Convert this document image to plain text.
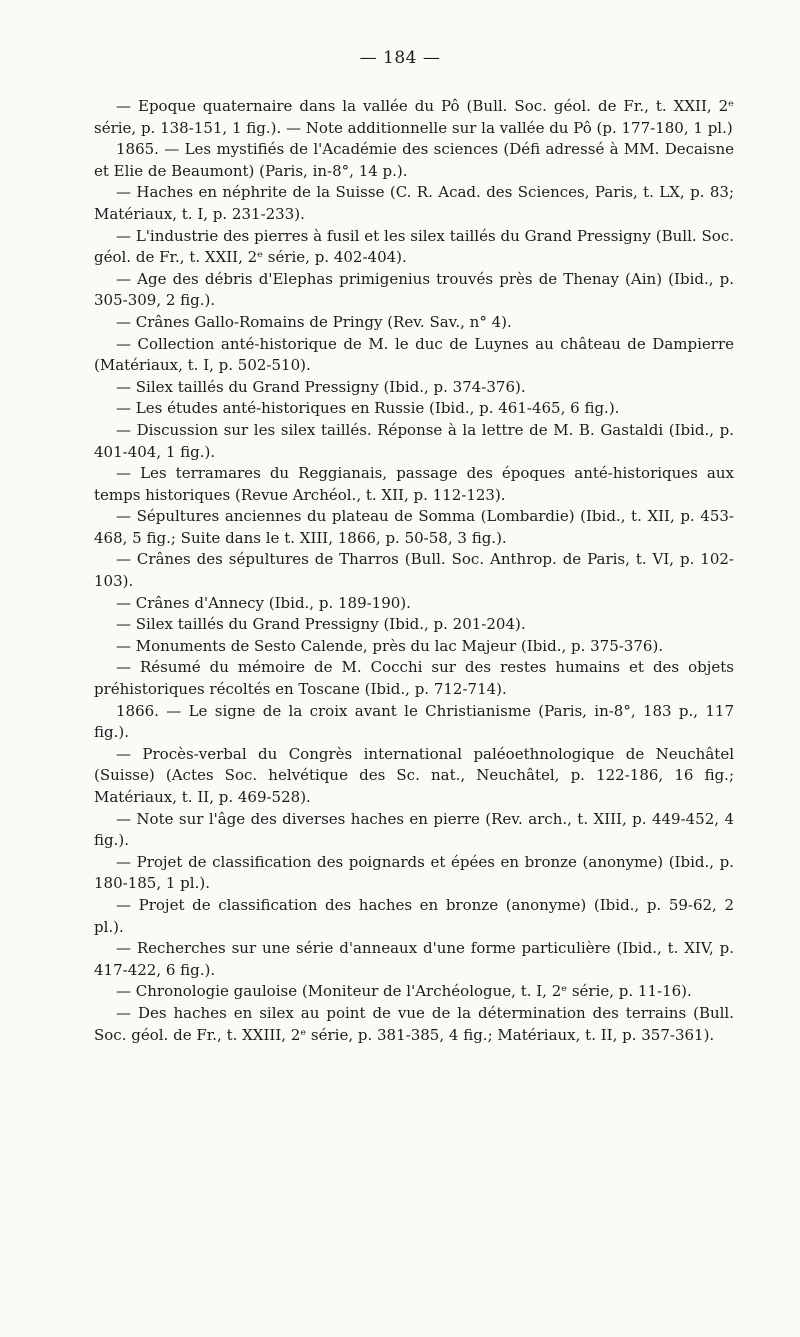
— 184 —

— Epoque quaternaire dans la vallée du Pô (Bull. Soc. géol. de Fr., t. XXII, 2ᵉ série, p. 138-151, 1 fig.). — Note additionnelle sur la vallée du Pô (p. 177-180, 1 pl.)

1865. — Les mystifiés de l'Académie des sciences (Défi adressé à MM. Decaisne et Elie de Beaumont) (Paris, in-8°, 14 p.).

— Haches en néphrite de la Suisse (C. R. Acad. des Sciences, Paris, t. LX, p. 83; Matériaux, t. I, p. 231-233).

— L'industrie des pierres à fusil et les silex taillés du Grand Pressigny (Bull. Soc. géol. de Fr., t. XXII, 2ᵉ série, p. 402-404).

— Age des débris d'Elephas primigenius trouvés près de Thenay (Ain) (Ibid., p. 305-309, 2 fig.).

— Crânes Gallo-Romains de Pringy (Rev. Sav., n° 4).

— Collection anté-historique de M. le duc de Luynes au château de Dampierre (Matériaux, t. I, p. 502-510).

— Silex taillés du Grand Pressigny (Ibid., p. 374-376).

— Les études anté-historiques en Russie (Ibid., p. 461-465, 6 fig.).

— Discussion sur les silex taillés. Réponse à la lettre de M. B. Gastaldi (Ibid., p. 401-404, 1 fig.).

— Les terramares du Reggianais, passage des époques anté-historiques aux temps historiques (Revue Archéol., t. XII, p. 112-123).

— Sépultures anciennes du plateau de Somma (Lombardie) (Ibid., t. XII, p. 453-468, 5 fig.; Suite dans le t. XIII, 1866, p. 50-58, 3 fig.).

— Crânes des sépultures de Tharros (Bull. Soc. Anthrop. de Paris, t. VI, p. 102-103).

— Crânes d'Annecy (Ibid., p. 189-190).

— Silex taillés du Grand Pressigny (Ibid., p. 201-204).

— Monuments de Sesto Calende, près du lac Majeur (Ibid., p. 375-376).

— Résumé du mémoire de M. Cocchi sur des restes humains et des objets préhistoriques récoltés en Toscane (Ibid., p. 712-714).

1866. — Le signe de la croix avant le Christianisme (Paris, in-8°, 183 p., 117 fig.).

— Procès-verbal du Congrès international paléoethnologique de Neuchâtel (Suisse) (Actes Soc. helvétique des Sc. nat., Neuchâtel, p. 122-186, 16 fig.; Matériaux, t. II, p. 469-528).

— Note sur l'âge des diverses haches en pierre (Rev. arch., t. XIII, p. 449-452, 4 fig.).

— Projet de classification des poignards et épées en bronze (anonyme) (Ibid., p. 180-185, 1 pl.).

— Projet de classification des haches en bronze (anonyme) (Ibid., p. 59-62, 2 pl.).

— Recherches sur une série d'anneaux d'une forme particulière (Ibid., t. XIV, p. 417-422, 6 fig.).

— Chronologie gauloise (Moniteur de l'Archéologue, t. I, 2ᵉ série, p. 11-16).

— Des haches en silex au point de vue de la détermination des terrains (Bull. Soc. géol. de Fr., t. XXIII, 2ᵉ série, p. 381-385, 4 fig.; Matériaux, t. II, p. 357-361).
